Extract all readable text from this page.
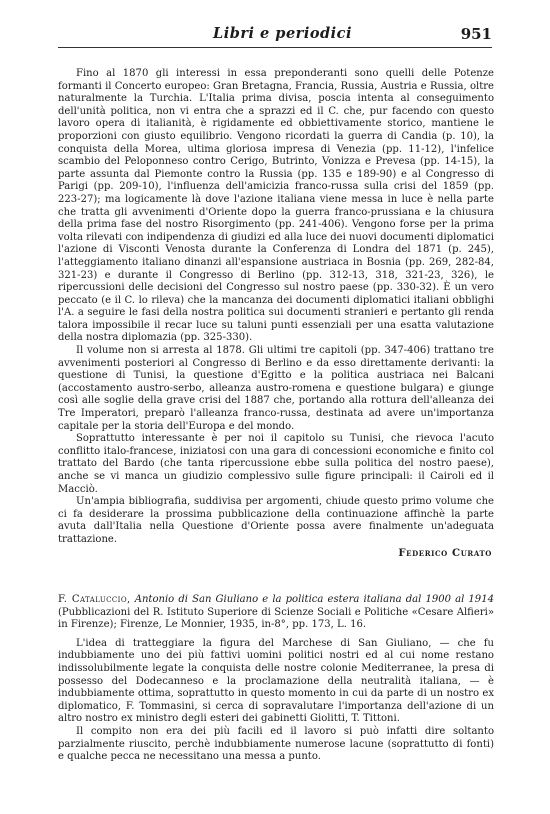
Libri e periodici	951

Fino al 1870 gli interessi in essa preponderanti sono quelli delle Potenze formanti il Concerto europeo: Gran Bretagna, Francia, Russia, Austria e Russia, oltre naturalmente la Turchia. L'Italia prima divisa, poscia intenta al conseguimento dell'unità politica, non vi entra che a sprazzi ed il C. che, pur facendo con questo lavoro opera di italianità, è rigidamente ed obbiettivamente storico, mantiene le proporzioni con giusto equilibrio. Vengono ricordati la guerra di Candia (p. 10), la conquista della Morea, ultima gloriosa impresa di Venezia (pp. 11-12), l'infelice scambio del Peloponneso contro Cerigo, Butrinto, Vonizza e Prevesa (pp. 14-15), la parte assunta dal Piemonte contro la Russia (pp. 135 e 189-90) e al Congresso di Parigi (pp. 209-10), l'influenza dell'amicizia franco-russa sulla crisi del 1859 (pp. 223-27); ma logicamente là dove l'azione italiana viene messa in luce è nella parte che tratta gli avvenimenti d'Oriente dopo la guerra franco-prussiana e la chiusura della prima fase del nostro Risorgimento (pp. 241-406). Vengono forse per la prima volta rilevati con indipendenza di giudizi ed alla luce dei nuovi documenti diplomatici l'azione di Visconti Venosta durante la Conferenza di Londra del 1871 (p. 245), l'atteggiamento italiano dinanzi all'espansione austriaca in Bosnia (pp. 269, 282-84, 321-23) e durante il Congresso di Berlino (pp. 312-13, 318, 321-23, 326), le ripercussioni delle decisioni del Congresso sul nostro paese (pp. 330-32). È un vero peccato (e il C. lo rileva) che la mancanza dei documenti diplomatici italiani obblighi l'A. a seguire le fasi della nostra politica sui documenti stranieri e pertanto gli renda talora impossibile il recar luce su taluni punti essenziali per una esatta valutazione della nostra diplomazia (pp. 325-330).

Il volume non si arresta al 1878. Gli ultimi tre capitoli (pp. 347-406) trattano tre avvenimenti posteriori al Congresso di Berlino e da esso direttamente derivanti: la questione di Tunisi, la questione d'Egitto e la politica austriaca nei Balcani (accostamento austro-serbo, alleanza austro-romena e questione bulgara) e giunge così alle soglie della grave crisi del 1887 che, portando alla rottura dell'alleanza dei Tre Imperatori, preparò l'alleanza franco-russa, destinata ad avere un'importanza capitale per la storia dell'Europa e del mondo.

Soprattutto interessante è per noi il capitolo su Tunisi, che rievoca l'acuto conflitto italo-francese, iniziatosi con una gara di concessioni economiche e finito col trattato del Bardo (che tanta ripercussione ebbe sulla politica del nostro paese), anche se vi manca un giudizio complessivo sulle figure principali: il Cairoli ed il Macciò.

Un'ampia bibliografia, suddivisa per argomenti, chiude questo primo volume che ci fa desiderare la prossima pubblicazione della continuazione affinchè la parte avuta dall'Italia nella Questione d'Oriente possa avere finalmente un'adeguata trattazione.

Federico Curato

F. Cataluccio, Antonio di San Giuliano e la politica estera italiana dal 1900 al 1914 (Pubblicazioni del R. Istituto Superiore di Scienze Sociali e Politiche «Cesare Alfieri» in Firenze); Firenze, Le Monnier, 1935, in-8°, pp. 173, L. 16.

L'idea di tratteggiare la figura del Marchese di San Giuliano, — che fu indubbiamente uno dei più fattivi uomini politici nostri ed al cui nome restano indissolubilmente legate la conquista delle nostre colonie Mediterranee, la presa di possesso del Dodecanneso e la proclamazione della neutralità italiana, — è indubbiamente ottima, soprattutto in questo momento in cui da parte di un nostro ex diplomatico, F. Tommasini, si cerca di sopravalutare l'importanza dell'azione di un altro nostro ex ministro degli esteri dei gabinetti Giolitti, T. Tittoni.

Il compito non era dei più facili ed il lavoro si può infatti dire soltanto parzialmente riuscito, perchè indubbiamente numerose lacune (soprattutto di fonti) e qualche pecca ne necessitano una messa a punto.
